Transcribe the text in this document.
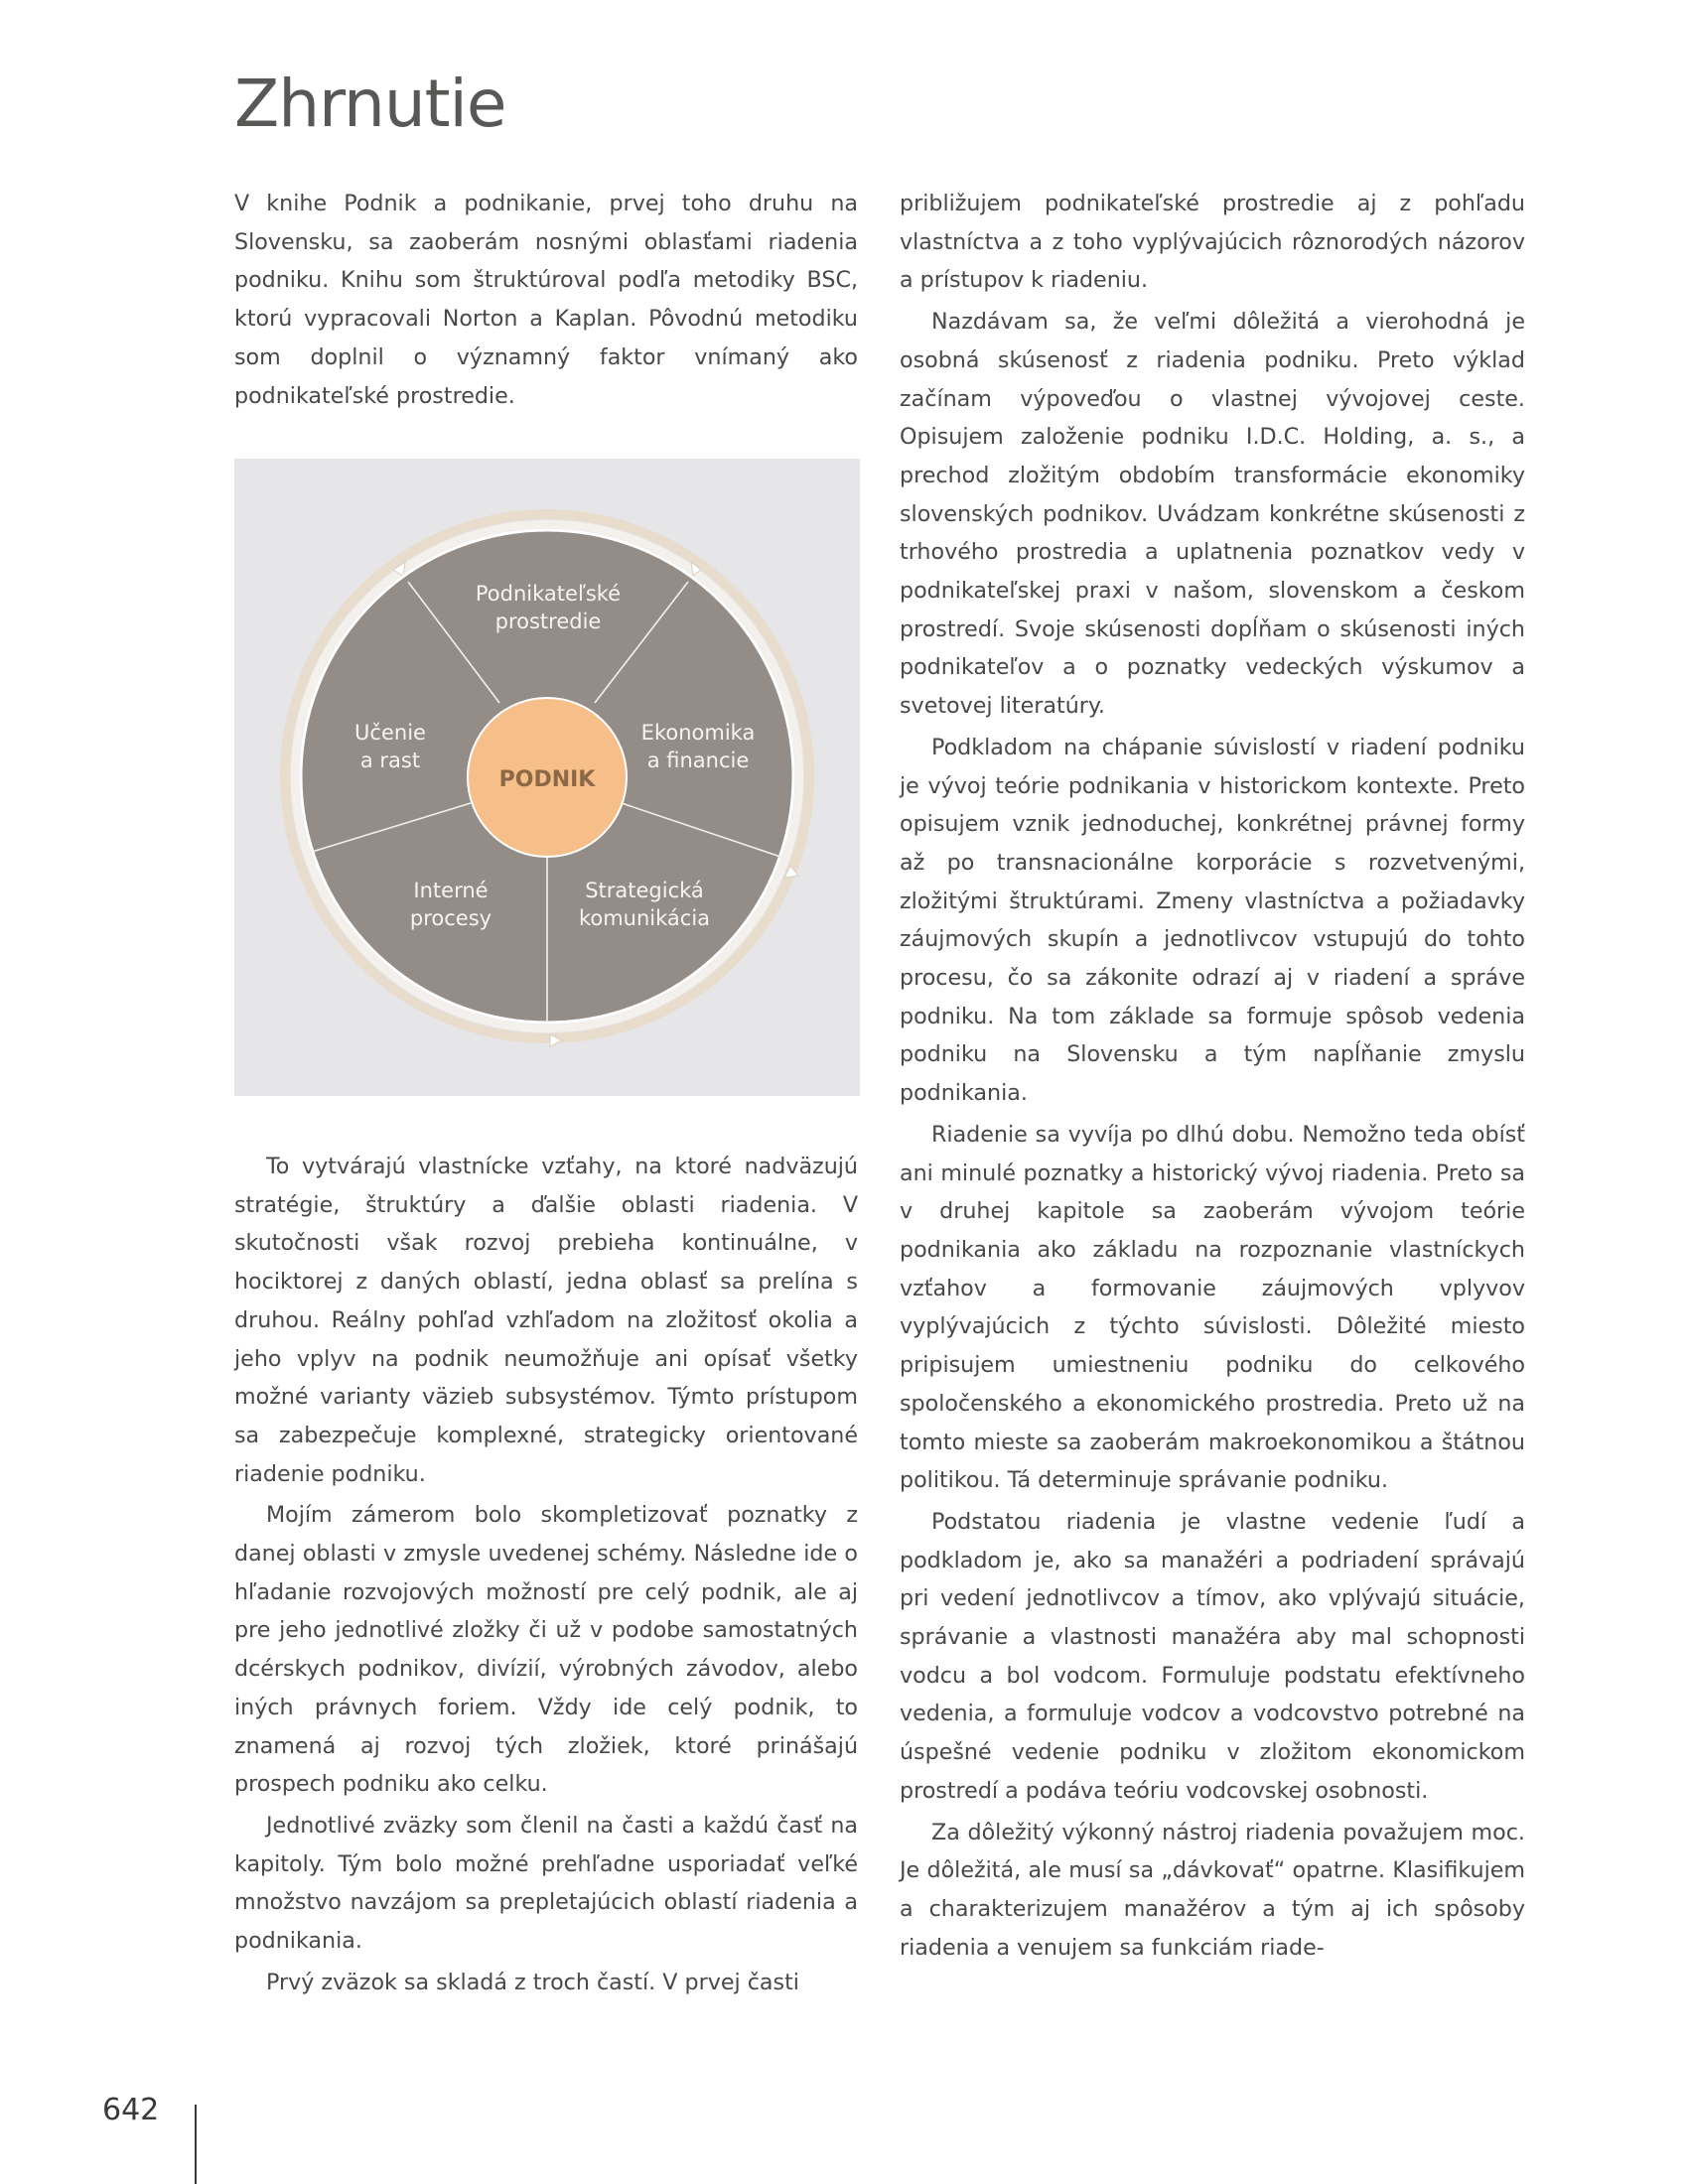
Zhrnutie

V knihe Podnik a podnikanie, prvej toho druhu na Slovensku, sa zaoberám nosnými oblasťami riadenia podniku. Knihu som štruktúroval podľa metodiky BSC, ktorú vypracovali Norton a Kaplan. Pôvodnú metodiku som doplnil o významný faktor vnímaný ako podnikateľské prostredie.

PODNIK
Podnikateľské
prostredie
Ekonomika
a financie
Strategická
komunikácia
Interné
procesy
Učenie
a rast

To vytvárajú vlastnícke vzťahy, na ktoré nadväzujú stratégie, štruktúry a ďalšie oblasti riadenia. V skutočnosti však rozvoj prebieha kontinuálne, v hociktorej z daných oblastí, jedna oblasť sa prelína s druhou. Reálny pohľad vzhľadom na zložitosť okolia a jeho vplyv na podnik neumožňuje ani opísať všetky možné varianty väzieb subsystémov. Týmto prístupom sa zabezpečuje komplexné, strategicky orientované riadenie podniku.

Mojím zámerom bolo skompletizovať poznatky z danej oblasti v zmysle uvedenej schémy. Následne ide o hľadanie rozvojových možností pre celý podnik, ale aj pre jeho jednotlivé zložky či už v podobe samostatných dcérskych podnikov, divízií, výrobných závodov, alebo iných právnych foriem. Vždy ide celý podnik, to znamená aj rozvoj tých zložiek, ktoré prinášajú prospech podniku ako celku.

Jednotlivé zväzky som členil na časti a každú časť na kapitoly. Tým bolo možné prehľadne usporiadať veľké množstvo navzájom sa prepletajúcich oblastí riadenia a podnikania.

Prvý zväzok sa skladá z troch častí. V prvej časti

približujem podnikateľské prostredie aj z pohľadu vlastníctva a z toho vyplývajúcich rôznorodých názorov a prístupov k riadeniu.

Nazdávam sa, že veľmi dôležitá a vierohodná je osobná skúsenosť z riadenia podniku. Preto výklad začínam výpoveďou o vlastnej vývojovej ceste. Opisujem založenie podniku I.D.C. Holding, a. s., a prechod zložitým obdobím transformácie ekonomiky slovenských podnikov. Uvádzam konkrétne skúsenosti z trhového prostredia a uplatnenia poznatkov vedy v podnikateľskej praxi v našom, slovenskom a českom prostredí. Svoje skúsenosti dopĺňam o skúsenosti iných podnikateľov a o poznatky vedeckých výskumov a svetovej literatúry.

Podkladom na chápanie súvislostí v riadení podniku je vývoj teórie podnikania v historickom kontexte. Preto opisujem vznik jednoduchej, konkrétnej právnej formy až po transnacionálne korporácie s rozvetvenými, zložitými štruktúrami. Zmeny vlastníctva a požiadavky záujmových skupín a jednotlivcov vstupujú do tohto procesu, čo sa zákonite odrazí aj v riadení a správe podniku. Na tom základe sa formuje spôsob vedenia podniku na Slovensku a tým napĺňanie zmyslu podnikania.

Riadenie sa vyvíja po dlhú dobu. Nemožno teda obísť ani minulé poznatky a historický vývoj riadenia. Preto sa v druhej kapitole sa zaoberám vývojom teórie podnikania ako základu na rozpoznanie vlastníckych vzťahov a formovanie záujmových vplyvov vyplývajúcich z týchto súvislosti. Dôležité miesto pripisujem umiestneniu podniku do celkového spoločenského a ekonomického prostredia. Preto už na tomto mieste sa zaoberám makroekonomikou a štátnou politikou. Tá determinuje správanie podniku.

Podstatou riadenia je vlastne vedenie ľudí a podkladom je, ako sa manažéri a podriadení správajú pri vedení jednotlivcov a tímov, ako vplývajú situácie, správanie a vlastnosti manažéra aby mal schopnosti vodcu a bol vodcom. Formuluje podstatu efektívneho vedenia, a formuluje vodcov a vodcovstvo potrebné na úspešné vedenie podniku v zložitom ekonomickom prostredí a podáva teóriu vodcovskej osobnosti.

Za dôležitý výkonný nástroj riadenia považujem moc. Je dôležitá, ale musí sa „dávkovať“ opatrne. Klasifikujem a charakterizujem manažérov a tým aj ich spôsoby riadenia a venujem sa funkciám riade-

642
